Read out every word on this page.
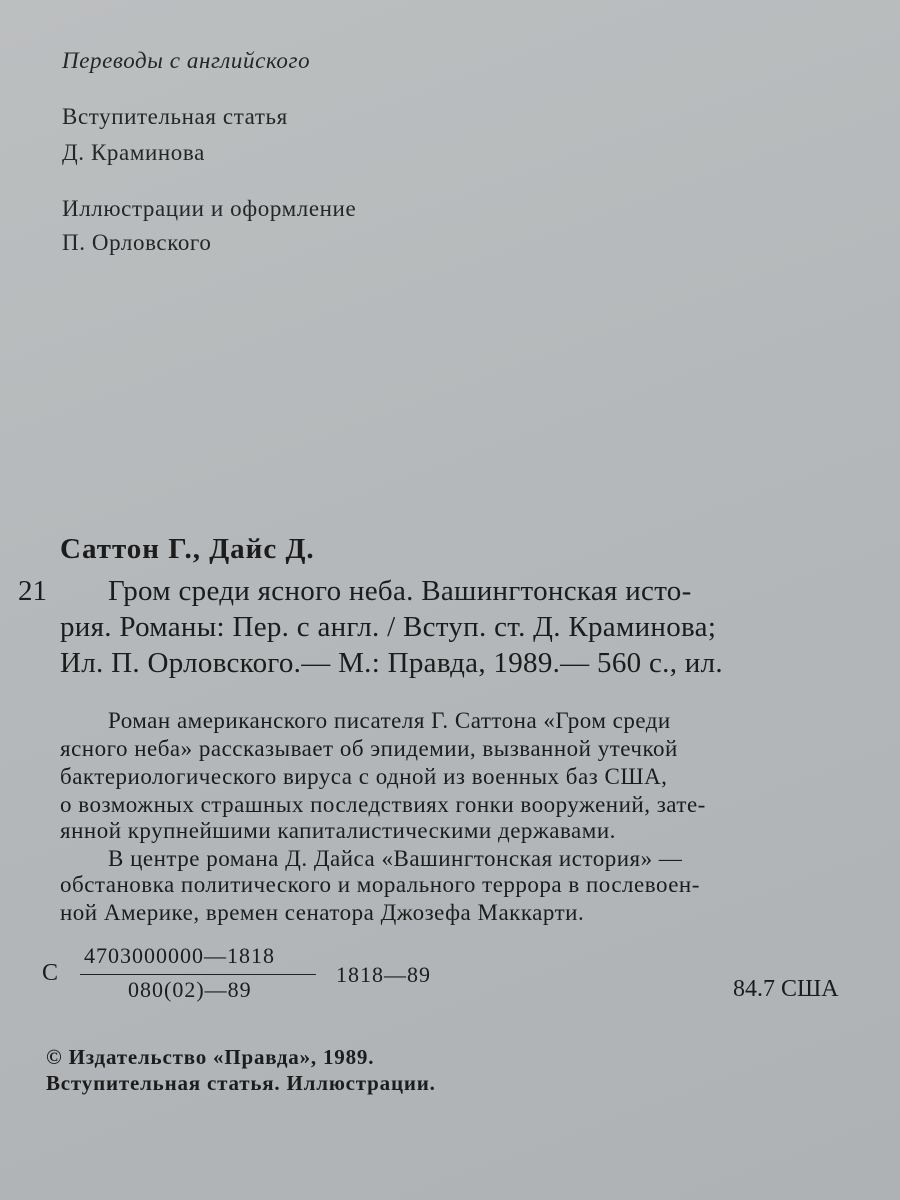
Переводы с английского
Вступительная статья
Д. Краминова
Иллюстрации и оформление
П. Орловского
Саттон Г., Дайс Д.
21 Гром среди ясного неба. Вашингтонская исто-
рия. Романы: Пер. с англ. / Вступ. ст. Д. Краминова;
Ил. П. Орловского.— М.: Правда, 1989.— 560 с., ил.
Роман американского писателя Г. Саттона «Гром среди
ясного неба» рассказывает об эпидемии, вызванной утечкой
бактериологического вируса с одной из военных баз США,
о возможных страшных последствиях гонки вооружений, зате-
янной крупнейшими капиталистическими державами.
В центре романа Д. Дайса «Вашингтонская история» —
обстановка политического и морального террора в послевоен-
ной Америке, времен сенатора Джозефа Маккарти.
С
4703000000—1818
080(02)—89
1818—89
84.7 США
© Издательство «Правда», 1989.
Вступительная статья. Иллюстрации.
